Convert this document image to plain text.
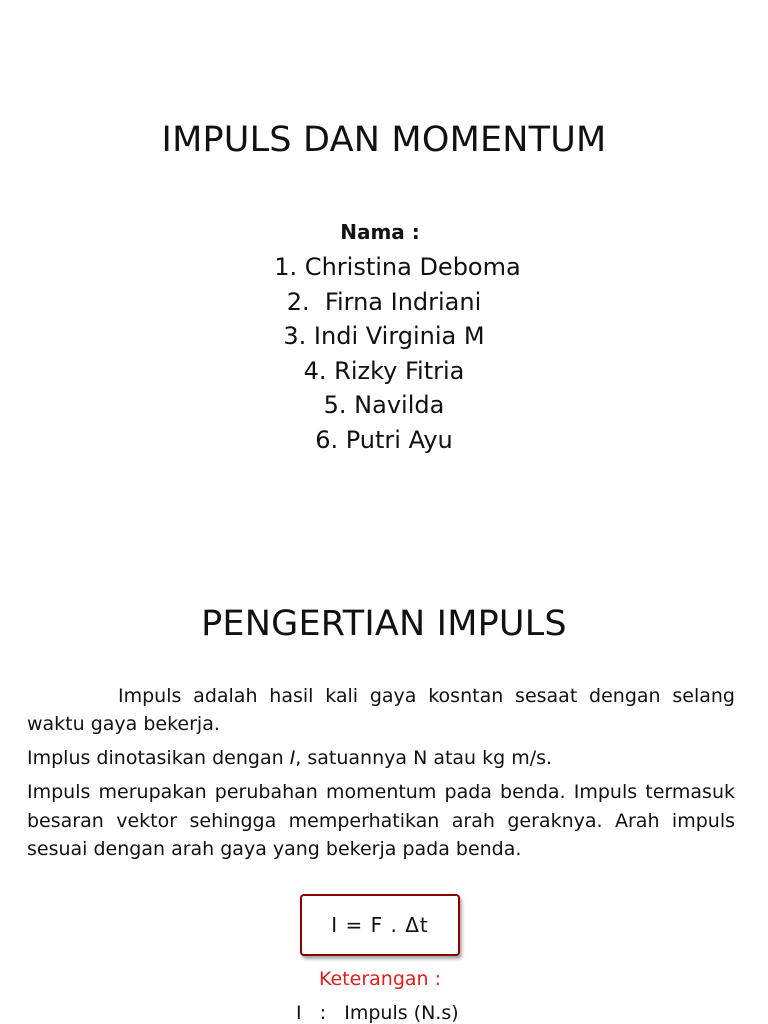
IMPULS DAN MOMENTUM
Nama :
1. Christina Deboma
2.  Firna Indriani
3. Indi Virginia M
4. Rizky Fitria
5. Navilda
6. Putri Ayu
PENGERTIAN IMPULS

Impuls adalah hasil kali gaya kosntan sesaat dengan selang waktu gaya bekerja.

Implus dinotasikan dengan I, satuannya N atau kg m/s.

Impuls merupakan perubahan momentum pada benda. Impuls termasuk besaran vektor sehingga memperhatikan arah geraknya. Arah impuls sesuai dengan arah gaya yang bekerja pada benda.

I = F . Δt
Keterangan :
I   :   Impuls (N.s)
